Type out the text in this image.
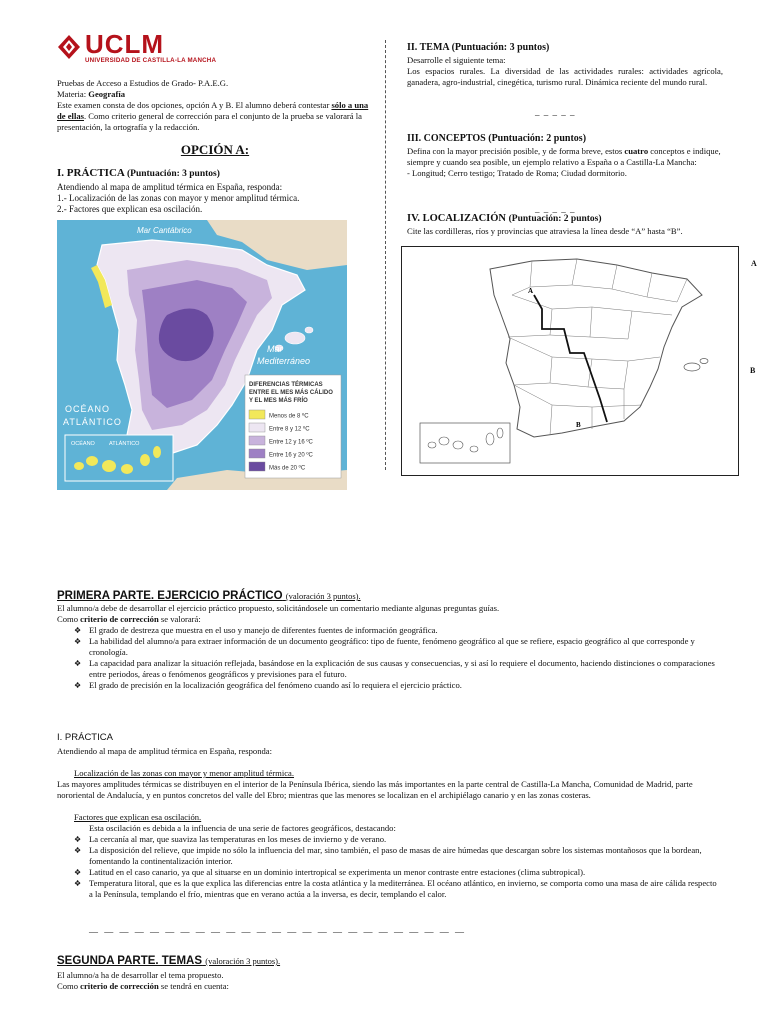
UCLM
UNIVERSIDAD DE CASTILLA-LA MANCHA
Pruebas de Acceso a Estudios de Grado- P.A.E.G.
Materia: Geografía
Este examen consta de dos opciones, opción A y B. El alumno deberá contestar sólo a una de ellas. Como criterio general de corrección para el conjunto de la prueba se valorará la presentación, la ortografía y la redacción.
OPCIÓN A:
I. PRÁCTICA (Puntuación: 3 puntos)
Atendiendo al mapa de amplitud térmica en España, responda:
1.- Localización de las zonas con mayor y menor amplitud térmica.
2.- Factores que explican esa oscilación.
Mar Cantábrico
Mar
Mediterráneo
OCÉANO
ATLÁNTICO
OCÉANO	ATLÁNTICO
DIFERENCIAS TÉRMICAS
ENTRE EL MES MÁS CÁLIDO
Y EL MES MÁS FRÍO
Menos de 8 ºC
Entre 8 y 12 ºC
Entre 12 y 16 ºC
Entre 16 y 20 ºC
Más de 20 ºC
II. TEMA (Puntuación: 3 puntos)
Desarrolle el siguiente tema:
Los espacios rurales. La diversidad de las actividades rurales: actividades agrícola, ganadera, agro-industrial, cinegética, turismo rural. Dinámica reciente del mundo rural.
_ _ _ _ _
III. CONCEPTOS (Puntuación: 2 puntos)
Defina con la mayor precisión posible, y de forma breve, estos cuatro conceptos e indique, siempre y cuando sea posible, un ejemplo relativo a España o a Castilla-La Mancha:
- Longitud; Cerro testigo; Tratado de Roma; Ciudad dormitorio.
_ _ _ _ _
IV. LOCALIZACIÓN (Puntuación: 2 puntos)
Cite las cordilleras, ríos y provincias que atraviesa la línea desde “A” hasta “B”.
A
B
A
B
PRIMERA PARTE. EJERCICIO PRÁCTICO (valoración 3 puntos).
El alumno/a debe de desarrollar el ejercicio práctico propuesto, solicitándosele un comentario mediante algunas preguntas guías.
Como criterio de corrección se valorará:
❖ El grado de destreza que muestra en el uso y manejo de diferentes fuentes de información geográfica.
❖ La habilidad del alumno/a para extraer información de un documento geográfico: tipo de fuente, fenómeno geográfico al que se refiere, espacio geográfico al que corresponde y cronología.
❖ La capacidad para analizar la situación reflejada, basándose en la explicación de sus causas y consecuencias, y si así lo requiere el documento, haciendo distinciones o comparaciones entre periodos, áreas o fenómenos geográficos y previsiones para el futuro.
❖ El grado de precisión en la localización geográfica del fenómeno cuando así lo requiera el ejercicio práctico.
I. PRÁCTICA
Atendiendo al mapa de amplitud térmica en España, responda:
Localización de las zonas con mayor y menor amplitud térmica.
Las mayores amplitudes térmicas se distribuyen en el interior de la Península Ibérica, siendo las más importantes en la parte central de Castilla-La Mancha, Comunidad de Madrid, parte nororiental de Andalucía, y en puntos concretos del valle del Ebro; mientras que las menores se localizan en el archipiélago canario y en las zonas costeras.
Factores que explican esa oscilación.
Esta oscilación es debida a la influencia de una serie de factores geográficos, destacando:
❖ La cercanía al mar, que suaviza las temperaturas en los meses de invierno y de verano.
❖ La disposición del relieve, que impide no sólo la influencia del mar, sino también, el paso de masas de aire húmedas que descargan sobre los sistemas montañosos que la bordean, fomentando la continentalización interior.
❖ Latitud en el caso canario, ya que al situarse en un dominio intertropical se experimenta un menor contraste entre estaciones (clima subtropical).
❖ Temperatura litoral, que es la que explica las diferencias entre la costa atlántica y la mediterránea. El océano atlántico, en invierno, se comporta como una masa de aire cálida respecto a la Península, templando el frío, mientras que en verano actúa a la inversa, es decir, templando el calor.
— — — — — — — — — — — — — — — — — — — — — — — — —
SEGUNDA PARTE. TEMAS (valoración 3 puntos).
El alumno/a ha de desarrollar el tema propuesto.
Como criterio de corrección se tendrá en cuenta:
